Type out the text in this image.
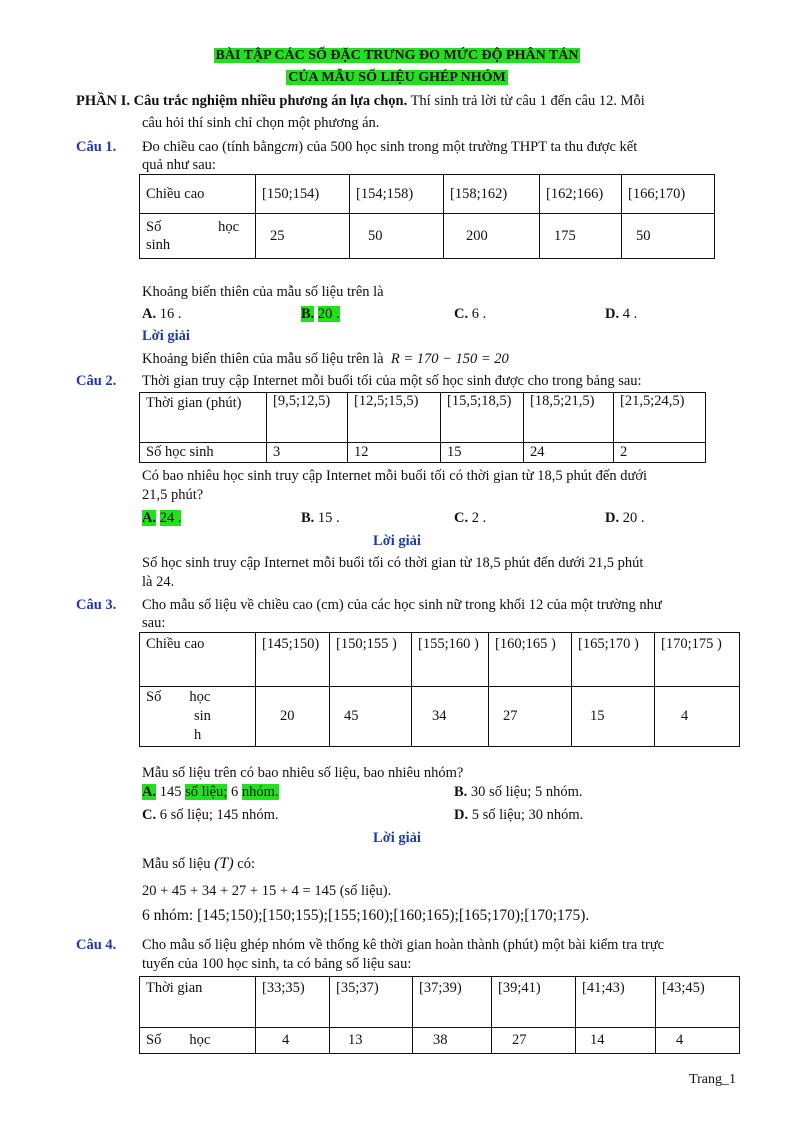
BÀI TẬP CÁC SỐ ĐẶC TRƯNG ĐO MỨC ĐỘ PHÂN TÁN
CỦA MẪU SỐ LIỆU GHÉP NHÓM
PHẦN I. Câu trắc nghiệm nhiều phương án lựa chọn. Thí sinh trả lời từ câu 1 đến câu 12. Mỗi
câu hỏi thí sinh chỉ chọn một phương án.
Câu 1. Đo chiều cao (tính bằngcm) của 500 học sinh trong một trường THPT ta thu được kết
quả như sau:
Chiều cao	[150;154)	[154;158)	[158;162)	[162;166)	[166;170)

Số học
sinh	25	50	200	175	50
Khoảng biến thiên của mẫu số liệu trên là
A. 16 .	B. 20 .	C. 6 .	D. 4 .
Lời giải
Khoảng biến thiên của mẫu số liệu trên là R = 170 − 150 = 20
Câu 2. Thời gian truy cập Internet mỗi buổi tối của một số học sinh được cho trong bảng sau:
Thời gian (phút)	[9,5;12,5)	[12,5;15,5)	[15,5;18,5)	[18,5;21,5)	[21,5;24,5)
Số học sinh	3	12	15	24	2
Có bao nhiêu học sinh truy cập Internet mỗi buổi tối có thời gian từ 18,5 phút đến dưới
21,5 phút?
A. 24 .	B. 15 .	C. 2 .	D. 20 .
Lời giải
Số học sinh truy cập Internet mỗi buổi tối có thời gian từ 18,5 phút đến dưới 21,5 phút
là 24.
Câu 3. Cho mẫu số liệu về chiều cao (cm) của các học sinh nữ trong khối 12 của một trường như
sau:
Chiều cao	[145;150)	[150;155 )	[155;160 )	[160;165 )	[165;170 )	[170;175 )

Số học
sin
h	20	45	34	27	15	4
Mẫu số liệu trên có bao nhiêu số liệu, bao nhiêu nhóm?
A. 145 số liệu; 6 nhóm.	B. 30 số liệu; 5 nhóm.
C. 6 số liệu; 145 nhóm.	D. 5 số liệu; 30 nhóm.
Lời giải
Mẫu số liệu (T) có:
20 + 45 + 34 + 27 + 15 + 4 = 145 (số liệu).
6 nhóm: [145;150);[150;155);[155;160);[160;165);[165;170);[170;175).
Câu 4. Cho mẫu số liệu ghép nhóm về thống kê thời gian hoàn thành (phút) một bài kiểm tra trực
tuyến của 100 học sinh, ta có bảng số liệu sau:
Thời gian	[33;35)	[35;37)	[37;39)	[39;41)	[41;43)	[43;45)
Số học	4	13	38	27	14	4
Trang_1
